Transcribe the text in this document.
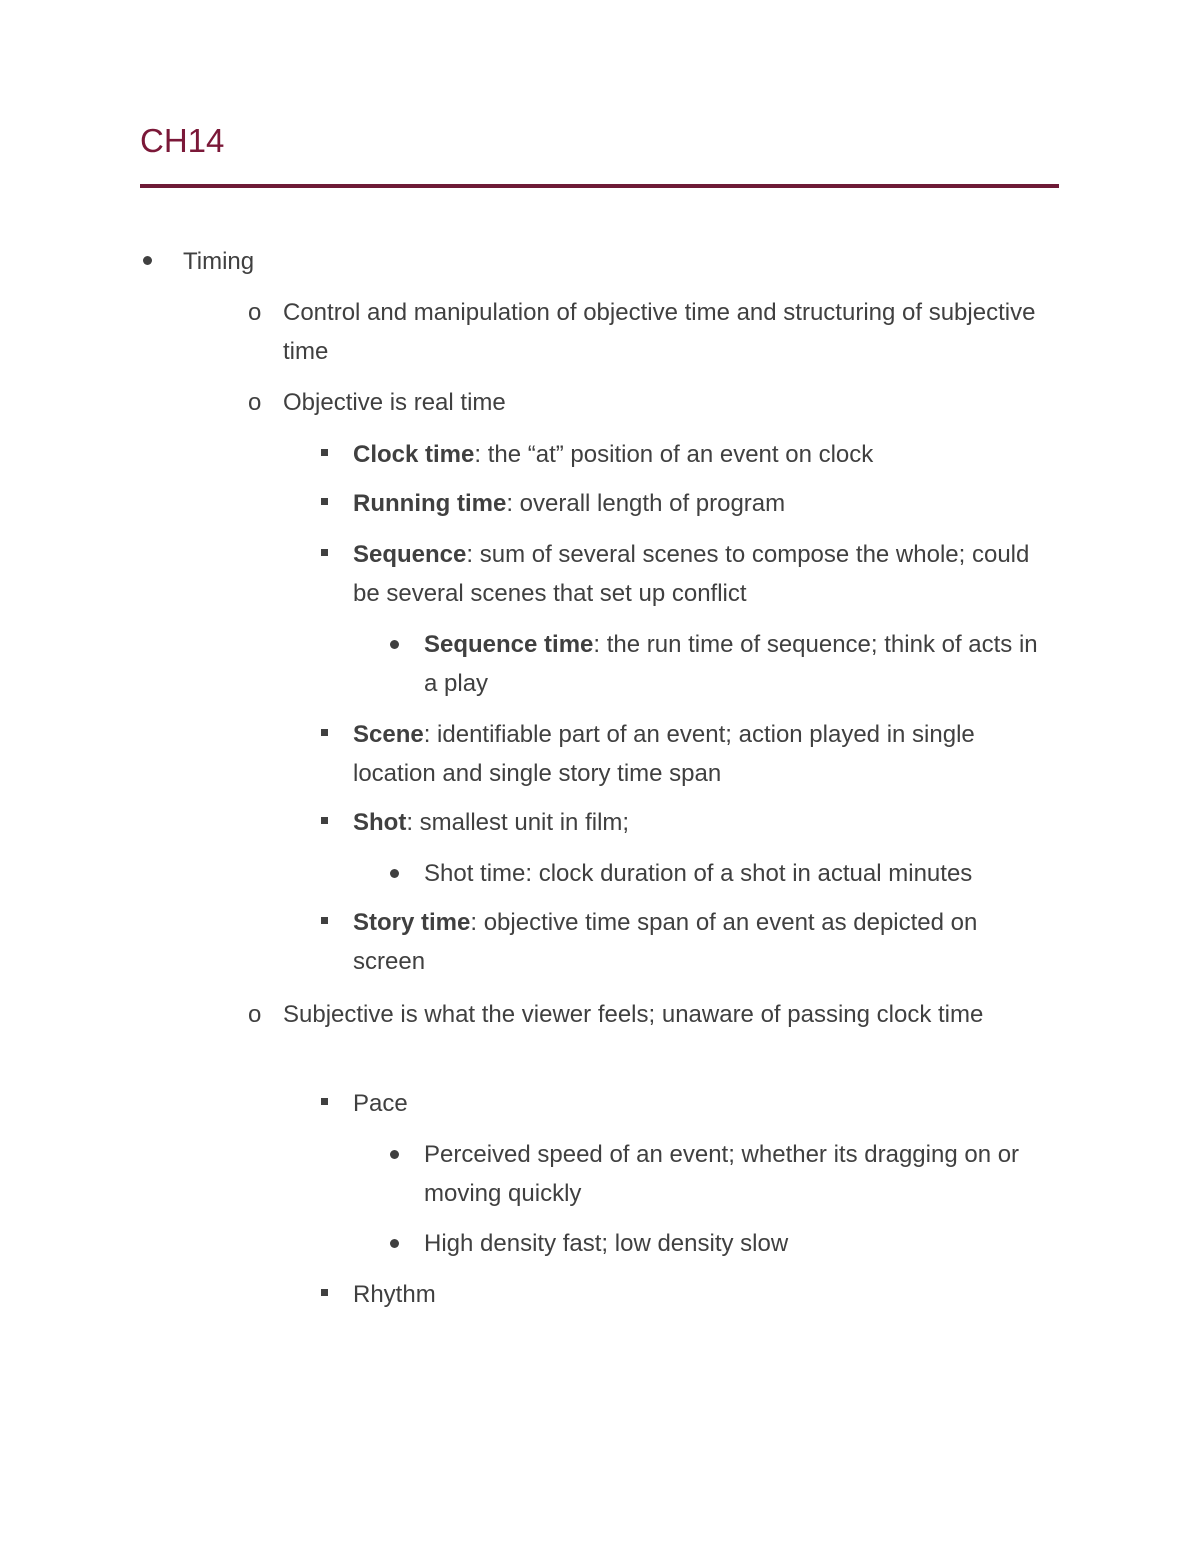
CH14

Timing

o Control and manipulation of objective time and structuring of subjective time

o Objective is real time

Clock time: the “at” position of an event on clock

Running time: overall length of program

Sequence: sum of several scenes to compose the whole; could be several scenes that set up conflict

Sequence time: the run time of sequence; think of acts in a play

Scene: identifiable part of an event; action played in single location and single story time span

Shot: smallest unit in film;

Shot time: clock duration of a shot in actual minutes

Story time: objective time span of an event as depicted on screen

o Subjective is what the viewer feels; unaware of passing clock time

Pace

Perceived speed of an event; whether its dragging on or moving quickly

High density fast; low density slow

Rhythm
